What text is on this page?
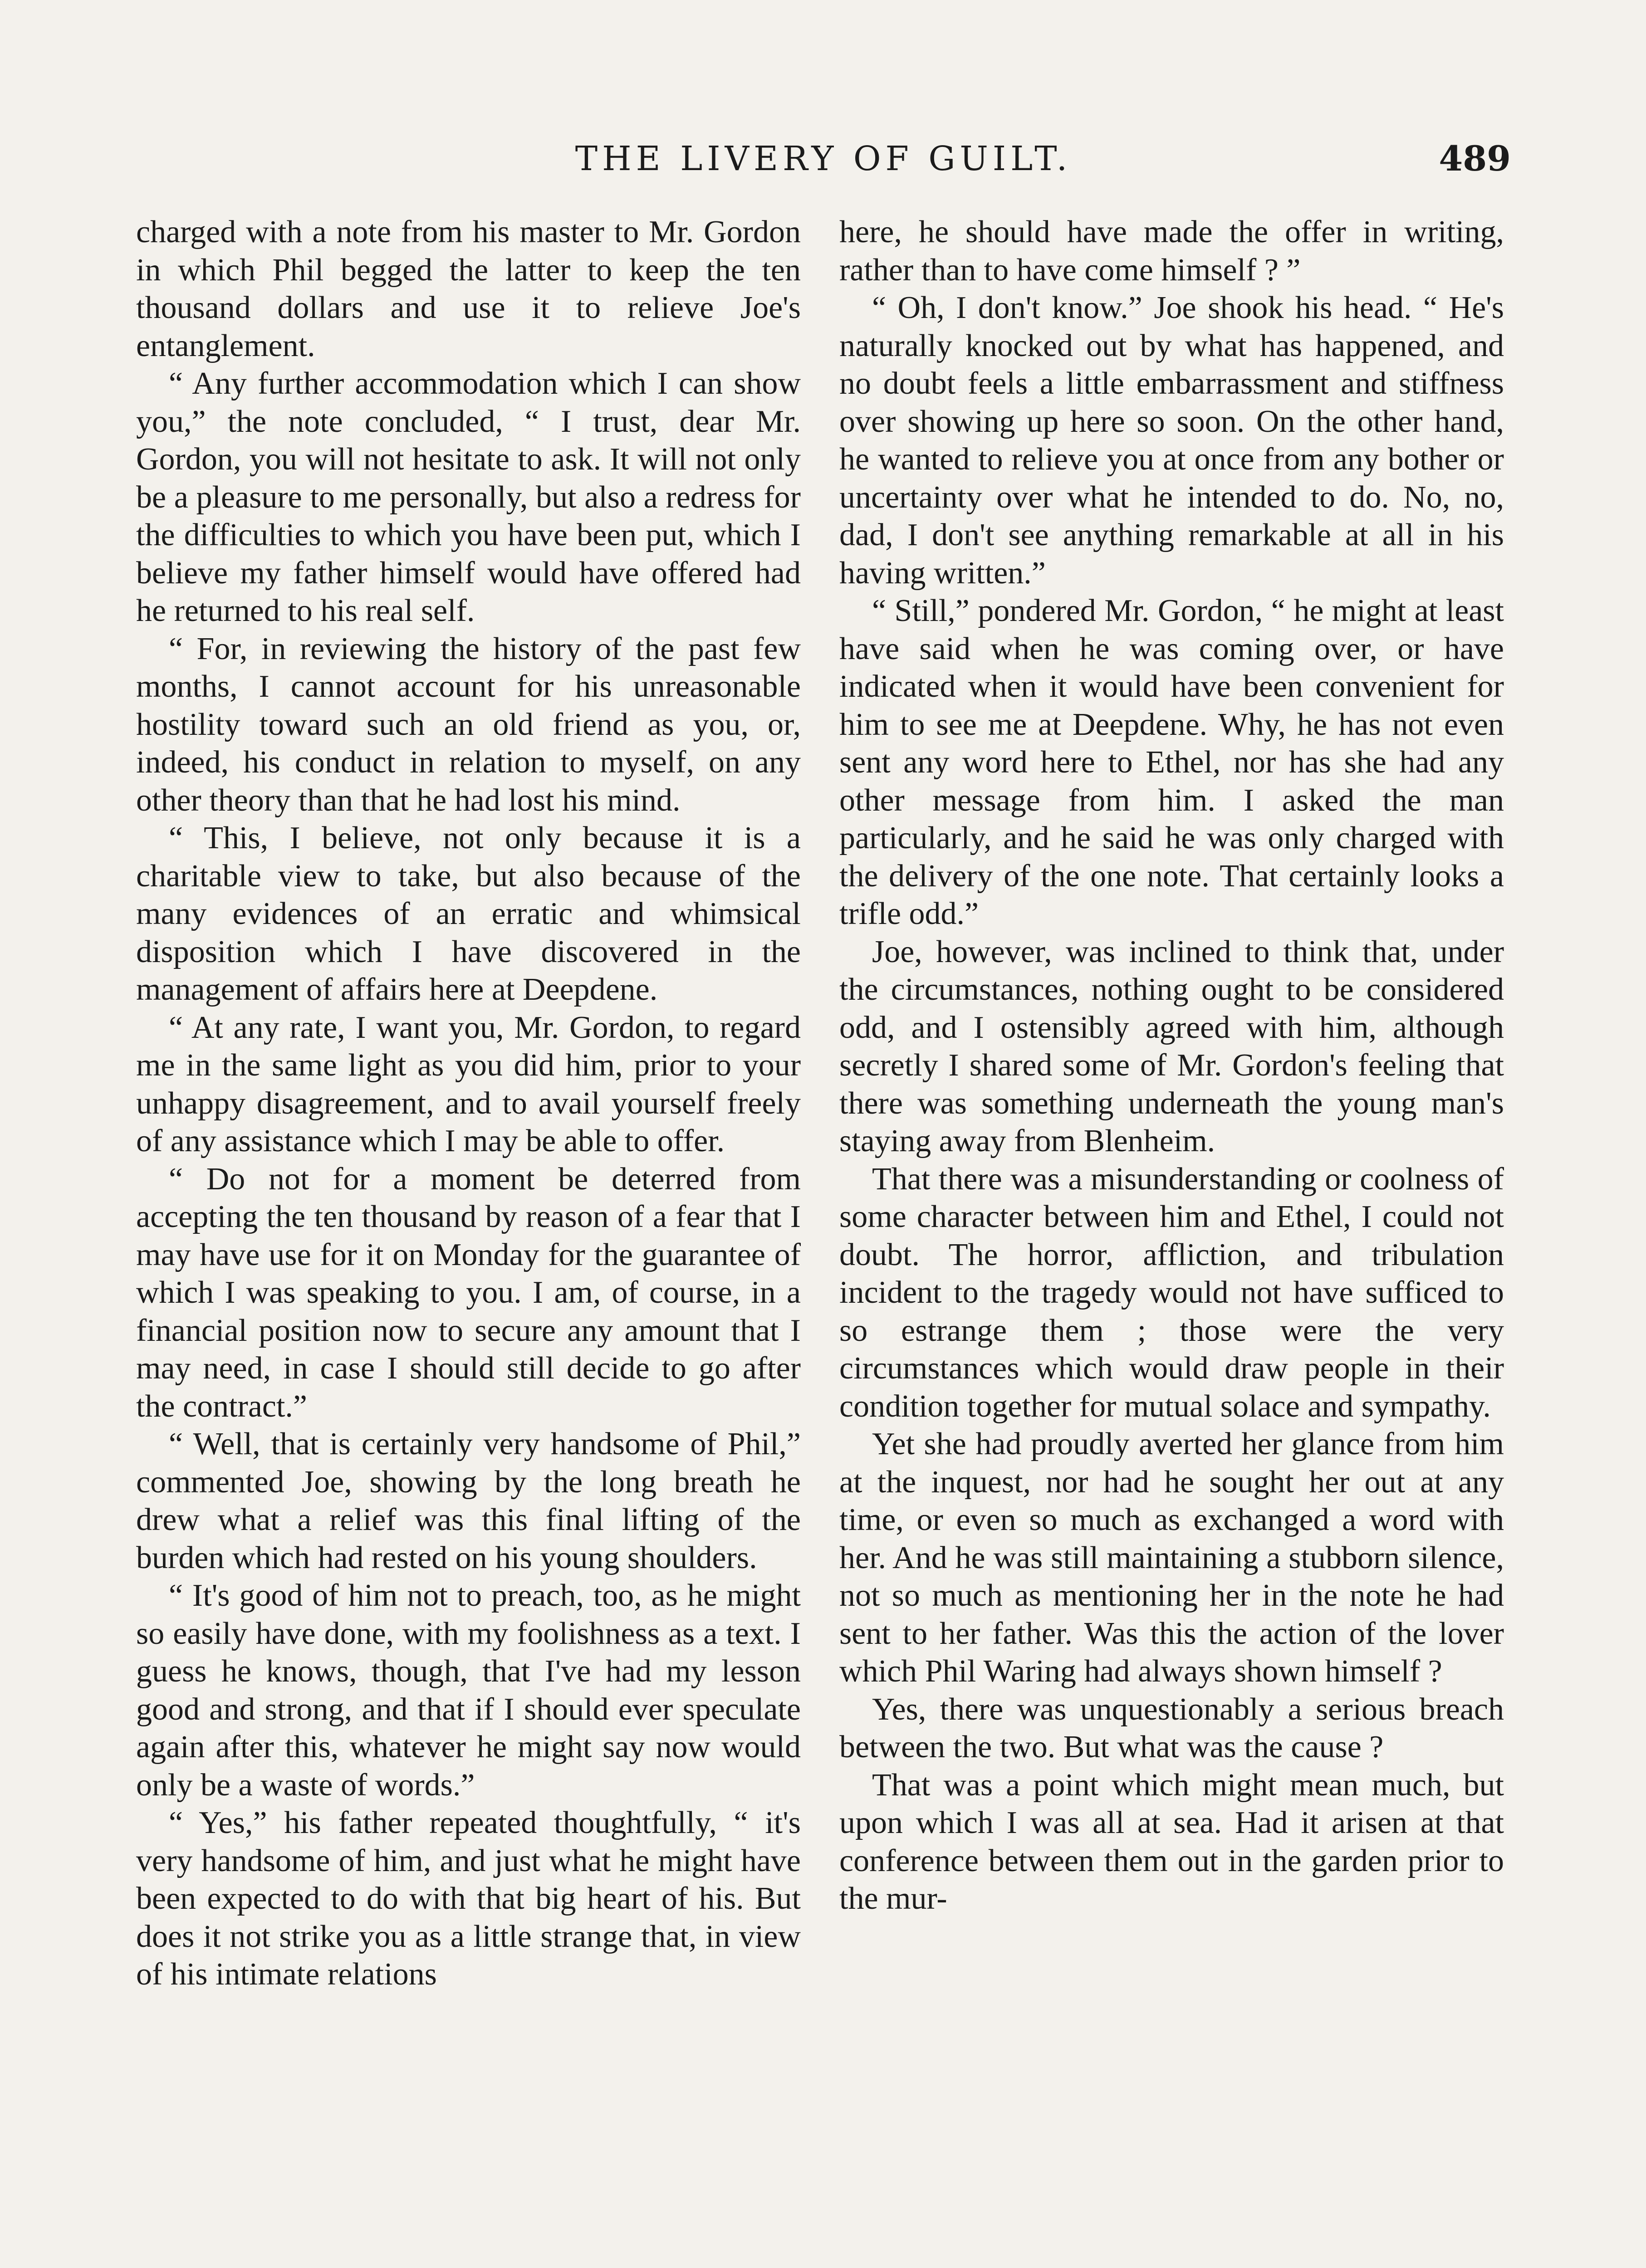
THE LIVERY OF GUILT.	489

charged with a note from his master to Mr. Gordon in which Phil begged the latter to keep the ten thousand dollars and use it to relieve Joe's entanglement.

“ Any further accommodation which I can show you,” the note concluded, “ I trust, dear Mr. Gordon, you will not hesitate to ask. It will not only be a pleasure to me personally, but also a redress for the difficulties to which you have been put, which I believe my father himself would have offered had he returned to his real self.

“ For, in reviewing the history of the past few months, I cannot account for his unreasonable hostility toward such an old friend as you, or, indeed, his conduct in relation to myself, on any other theory than that he had lost his mind.

“ This, I believe, not only because it is a charitable view to take, but also because of the many evidences of an erratic and whimsical disposition which I have discovered in the management of affairs here at Deepdene.

“ At any rate, I want you, Mr. Gordon, to regard me in the same light as you did him, prior to your unhappy disagreement, and to avail yourself freely of any assistance which I may be able to offer.

“ Do not for a moment be deterred from accepting the ten thousand by reason of a fear that I may have use for it on Monday for the guarantee of which I was speaking to you. I am, of course, in a financial position now to secure any amount that I may need, in case I should still decide to go after the contract.”

“ Well, that is certainly very handsome of Phil,” commented Joe, showing by the long breath he drew what a relief was this final lifting of the burden which had rested on his young shoulders.

“ It's good of him not to preach, too, as he might so easily have done, with my foolishness as a text. I guess he knows, though, that I've had my lesson good and strong, and that if I should ever speculate again after this, whatever he might say now would only be a waste of words.”

“ Yes,” his father repeated thoughtfully, “ it's very handsome of him, and just what he might have been expected to do with that big heart of his. But does it not strike you as a little strange that, in view of his intimate relations

here, he should have made the offer in writing, rather than to have come himself ? ”

“ Oh, I don't know.” Joe shook his head. “ He's naturally knocked out by what has happened, and no doubt feels a little embarrassment and stiffness over showing up here so soon. On the other hand, he wanted to relieve you at once from any bother or uncertainty over what he intended to do. No, no, dad, I don't see anything remarkable at all in his having written.”

“ Still,” pondered Mr. Gordon, “ he might at least have said when he was coming over, or have indicated when it would have been convenient for him to see me at Deepdene. Why, he has not even sent any word here to Ethel, nor has she had any other message from him. I asked the man particularly, and he said he was only charged with the delivery of the one note. That certainly looks a trifle odd.”

Joe, however, was inclined to think that, under the circumstances, nothing ought to be considered odd, and I ostensibly agreed with him, although secretly I shared some of Mr. Gordon's feeling that there was something underneath the young man's staying away from Blenheim.

That there was a misunderstanding or coolness of some character between him and Ethel, I could not doubt. The horror, affliction, and tribulation incident to the tragedy would not have sufficed to so estrange them ; those were the very circumstances which would draw people in their condition together for mutual solace and sympathy.

Yet she had proudly averted her glance from him at the inquest, nor had he sought her out at any time, or even so much as exchanged a word with her. And he was still maintaining a stubborn silence, not so much as mentioning her in the note he had sent to her father. Was this the action of the lover which Phil Waring had always shown himself ?

Yes, there was unquestionably a serious breach between the two. But what was the cause ?

That was a point which might mean much, but upon which I was all at sea. Had it arisen at that conference between them out in the garden prior to the mur-
